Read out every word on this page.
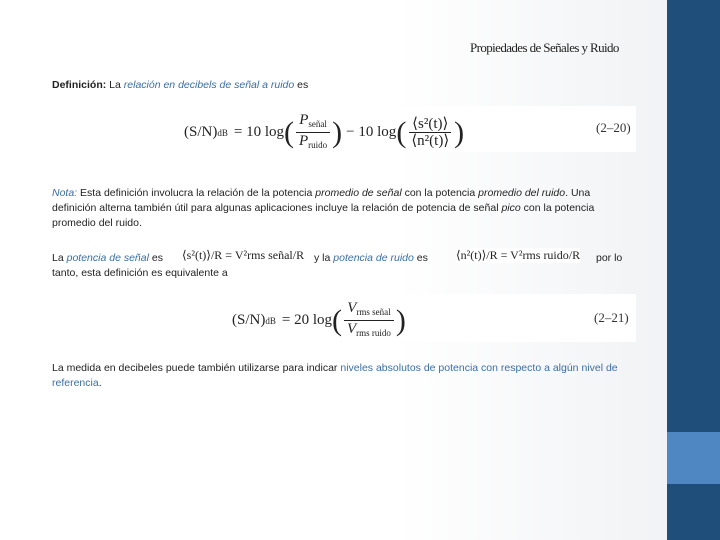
Propiedades de Señales y Ruido
Definición: La relación en decibels de señal a ruido es
(S/N) dB = 10 log ( $\frac{P_{señal}}{P_{ruido}}$ ) − 10 log ( $\frac{\text{⟨s²(t)⟩}}{\text{⟨n²(t)⟩}}$ )	(2–20)
Nota: Esta definición involucra la relación de la potencia promedio de señal con la potencia promedio del ruido. Una definición alterna también útil para algunas aplicaciones incluye la relación de potencia de señal pico con la potencia promedio del ruido.
La potencia de señal es	⟨s²(t)⟩/R = V²rms señal/R y la potencia de ruido es ⟨n²(t)⟩/R = V²rms ruido/R por lo
tanto, esta definición es equivalente a
(S/N) dB = 20 log ( $\frac{V_{rms señal}}{V_{rms ruido}}$ )	(2–21)
La medida en decibeles puede también utilizarse para indicar niveles absolutos de potencia con respecto a algún nivel de referencia.
